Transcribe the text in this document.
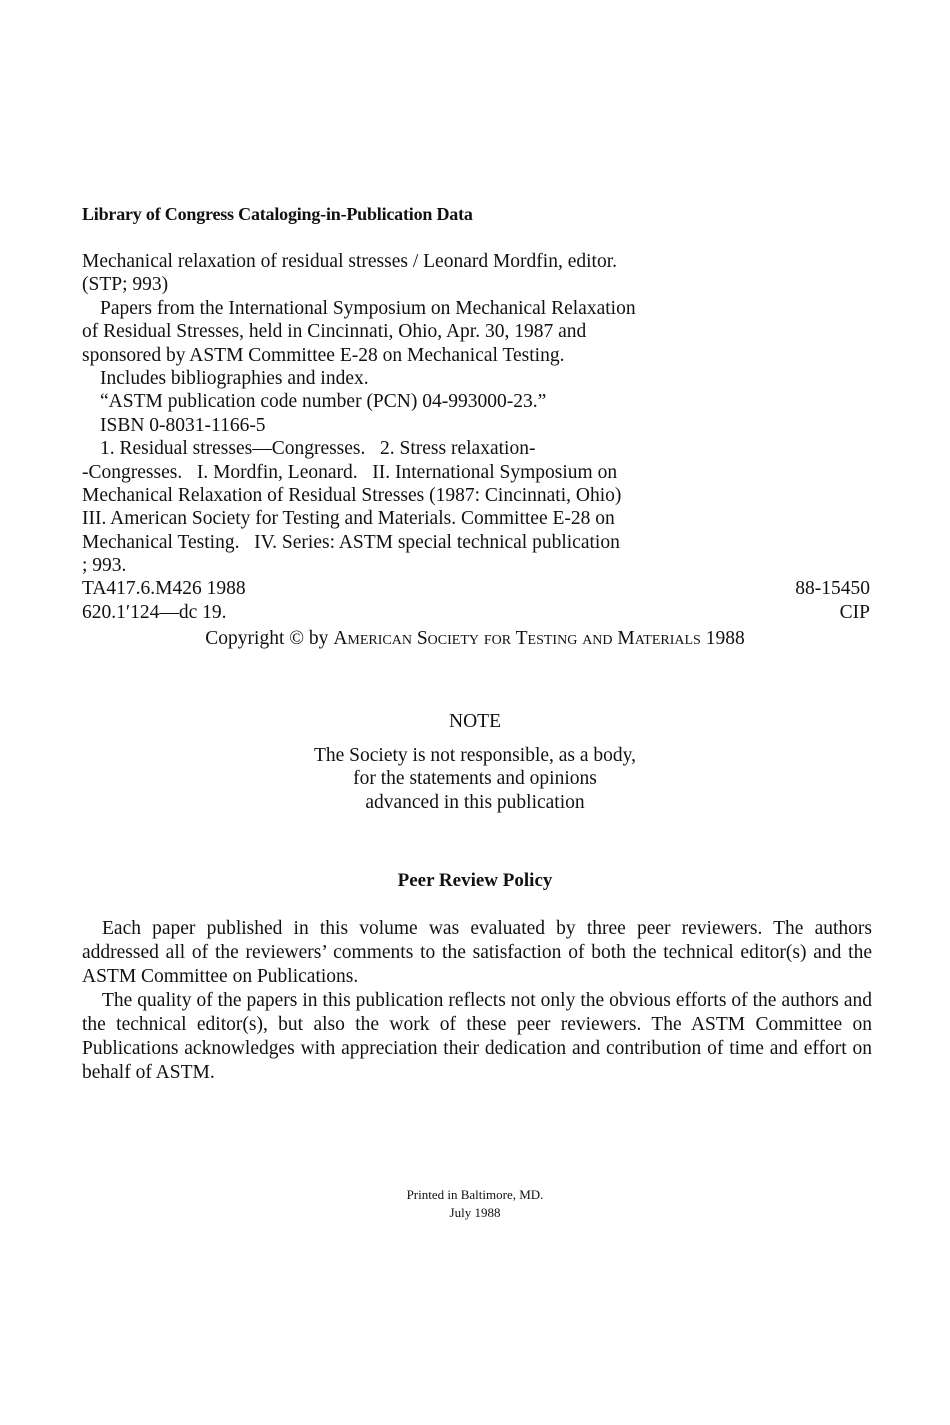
Library of Congress Cataloging-in-Publication Data
Mechanical relaxation of residual stresses / Leonard Mordfin, editor.
(STP; 993)
Papers from the International Symposium on Mechanical Relaxation
of Residual Stresses, held in Cincinnati, Ohio, Apr. 30, 1987 and
sponsored by ASTM Committee E-28 on Mechanical Testing.
Includes bibliographies and index.
“ASTM publication code number (PCN) 04-993000-23.”
ISBN 0-8031-1166-5
1. Residual stresses—Congresses.   2. Stress relaxation-
-Congresses.   I. Mordfin, Leonard.   II. International Symposium on
Mechanical Relaxation of Residual Stresses (1987: Cincinnati, Ohio)
III. American Society for Testing and Materials. Committee E-28 on
Mechanical Testing.   IV. Series: ASTM special technical publication
; 993.
TA417.6.M426 1988	88-15450
620.1′124—dc 19.	CIP
Copyright © by American Society for Testing and Materials 1988
NOTE
The Society is not responsible, as a body,
for the statements and opinions
advanced in this publication
Peer Review Policy

Each paper published in this volume was evaluated by three peer reviewers. The authors addressed all of the reviewers’ comments to the satisfaction of both the technical editor(s) and the ASTM Committee on Publications.

The quality of the papers in this publication reflects not only the obvious efforts of the authors and the technical editor(s), but also the work of these peer reviewers. The ASTM Committee on Publications acknowledges with appreciation their dedication and contribution of time and effort on behalf of ASTM.

Printed in Baltimore, MD.
July 1988
